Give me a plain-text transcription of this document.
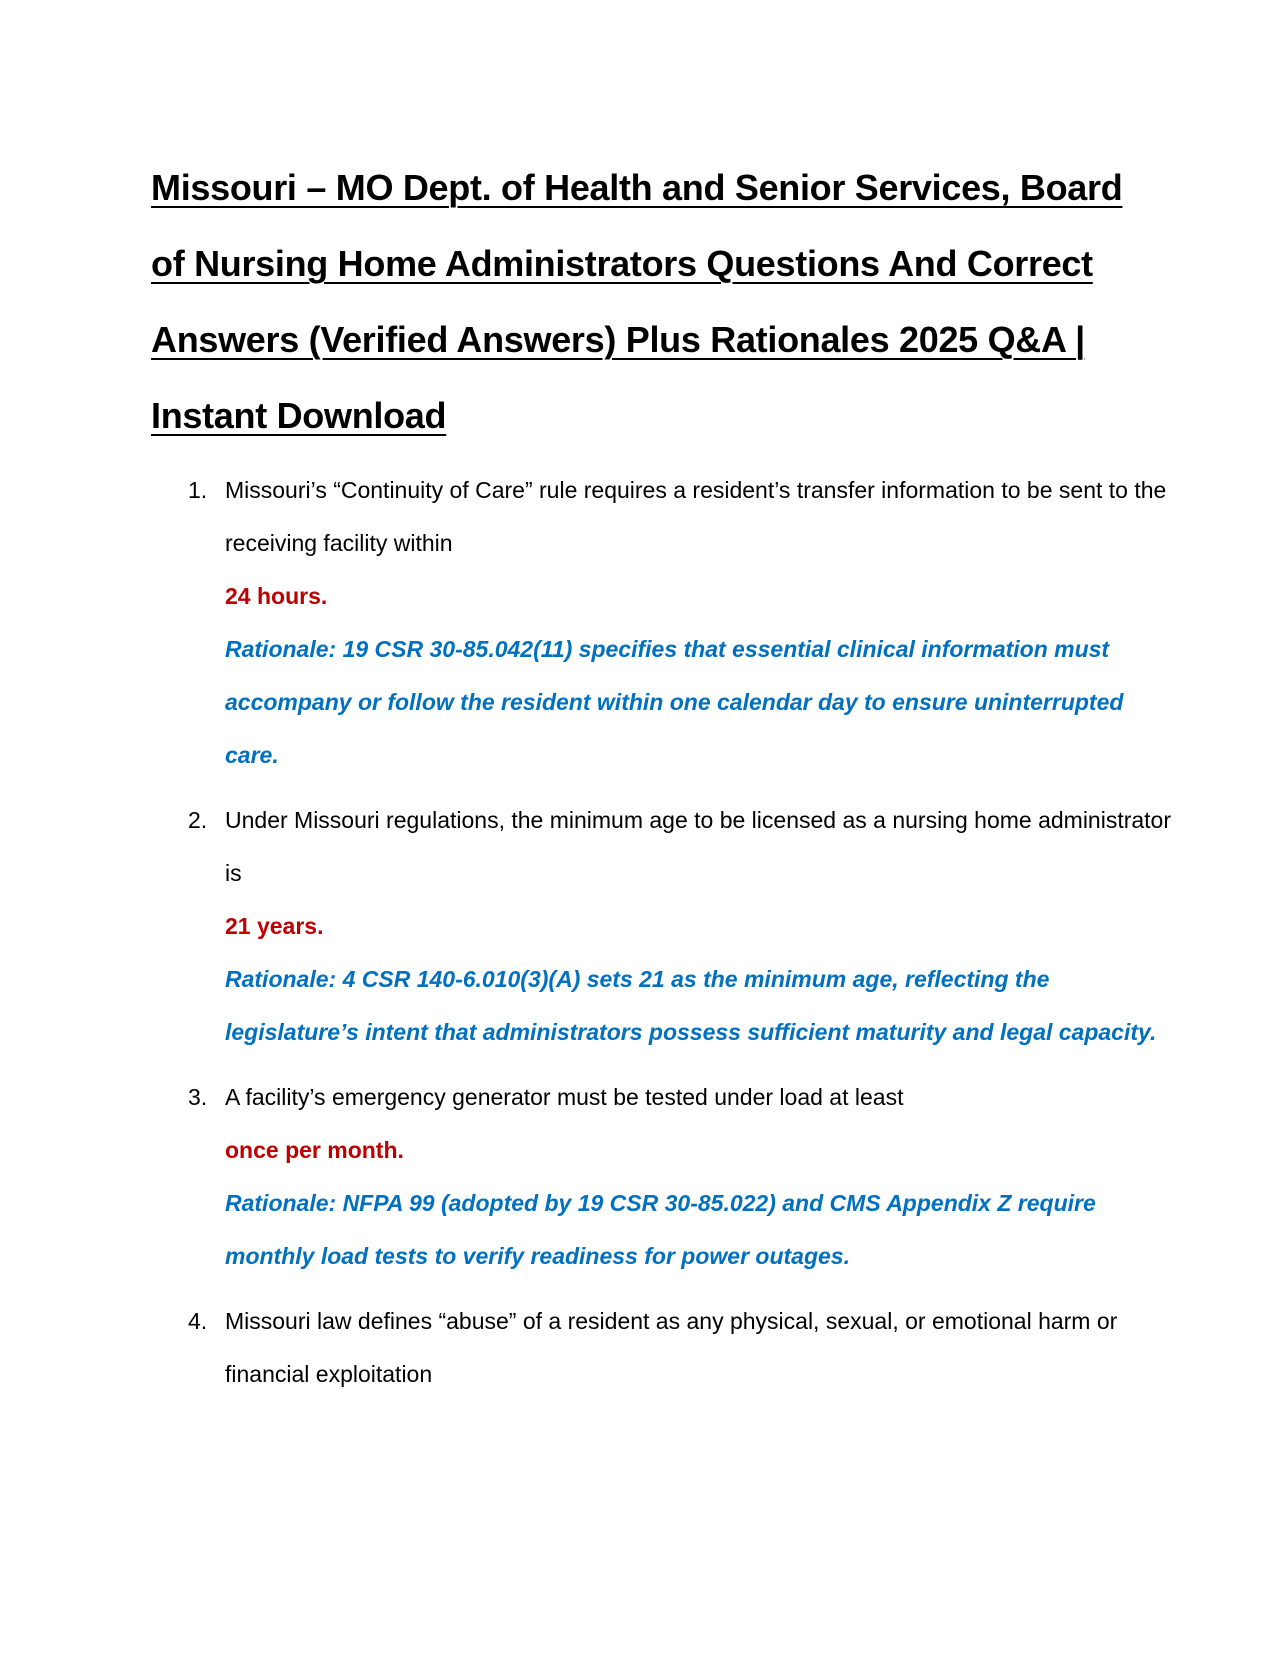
Missouri – MO Dept. of Health and Senior Services, Board of Nursing Home Administrators Questions And Correct Answers (Verified Answers) Plus Rationales 2025 Q&A | Instant Download
1. Missouri’s “Continuity of Care” rule requires a resident’s transfer information to be sent to the receiving facility within

24 hours.

Rationale: 19 CSR 30-85.042(11) specifies that essential clinical information must accompany or follow the resident within one calendar day to ensure uninterrupted care.

2. Under Missouri regulations, the minimum age to be licensed as a nursing home administrator is

21 years.

Rationale: 4 CSR 140-6.010(3)(A) sets 21 as the minimum age, reflecting the legislature’s intent that administrators possess sufficient maturity and legal capacity.

3. A facility’s emergency generator must be tested under load at least

once per month.

Rationale: NFPA 99 (adopted by 19 CSR 30-85.022) and CMS Appendix Z require monthly load tests to verify readiness for power outages.

4. Missouri law defines “abuse” of a resident as any physical, sexual, or emotional harm or financial exploitation
